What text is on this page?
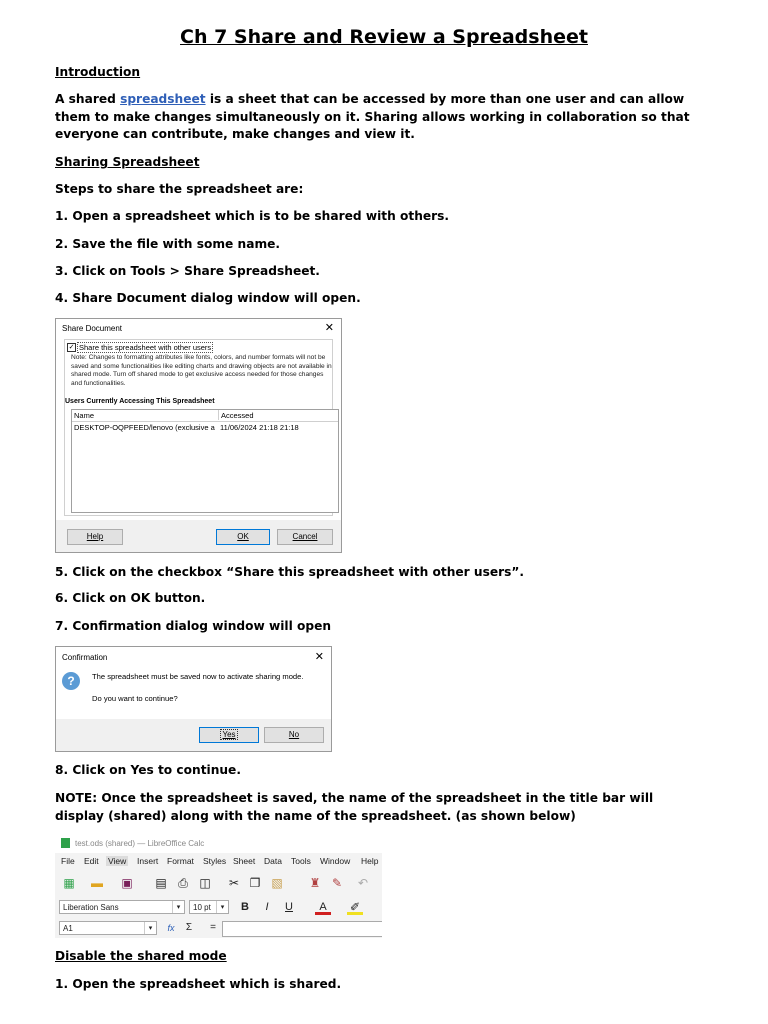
Ch 7 Share and Review a Spreadsheet

Introduction

A shared spreadsheet is a sheet that can be accessed by more than one user and can allow them to make changes simultaneously on it. Sharing allows working in collaboration so that everyone can contribute, make changes and view it.

Sharing Spreadsheet

Steps to share the spreadsheet are:

1. Open a spreadsheet which is to be shared with others.

2. Save the file with some name.

3. Click on Tools > Share Spreadsheet.

4. Share Document dialog window will open.

Share Document	✕
✓ Share this spreadsheet with other users
Note: Changes to formatting attributes like fonts, colors, and number formats will not be saved and some functionalities like editing charts and drawing objects are not available in shared mode. Turn off shared mode to get exclusive access needed for those changes and functionalities.
Users Currently Accessing This Spreadsheet
Name	Accessed
DESKTOP-OQPFEED/lenovo (exclusive a 11/06/2024 21:18 21:18
Help	OK	Cancel

5. Click on the checkbox “Share this spreadsheet with other users”.

6. Click on OK button.

7. Confirmation dialog window will open

Confirmation	✕
?	The spreadsheet must be saved now to activate sharing mode.
Do you want to continue?
Yes	No

8. Click on Yes to continue.

NOTE: Once the spreadsheet is saved, the name of the spreadsheet in the title bar will display (shared) along with the name of the spreadsheet. (as shown below)

test.ods (shared) — LibreOffice Calc
File Edit View Insert Format Styles Sheet Data Tools Window Help
▦ ▬ ▣ ▤ ⎙ ◫ ✂ ❐ ▧ ♜ ✎ ↶
Liberation Sans	▾	10 pt	▾	B	I	U	A	✐
A1	▾	fx	Σ	=

Disable the shared mode

1. Open the spreadsheet which is shared.
